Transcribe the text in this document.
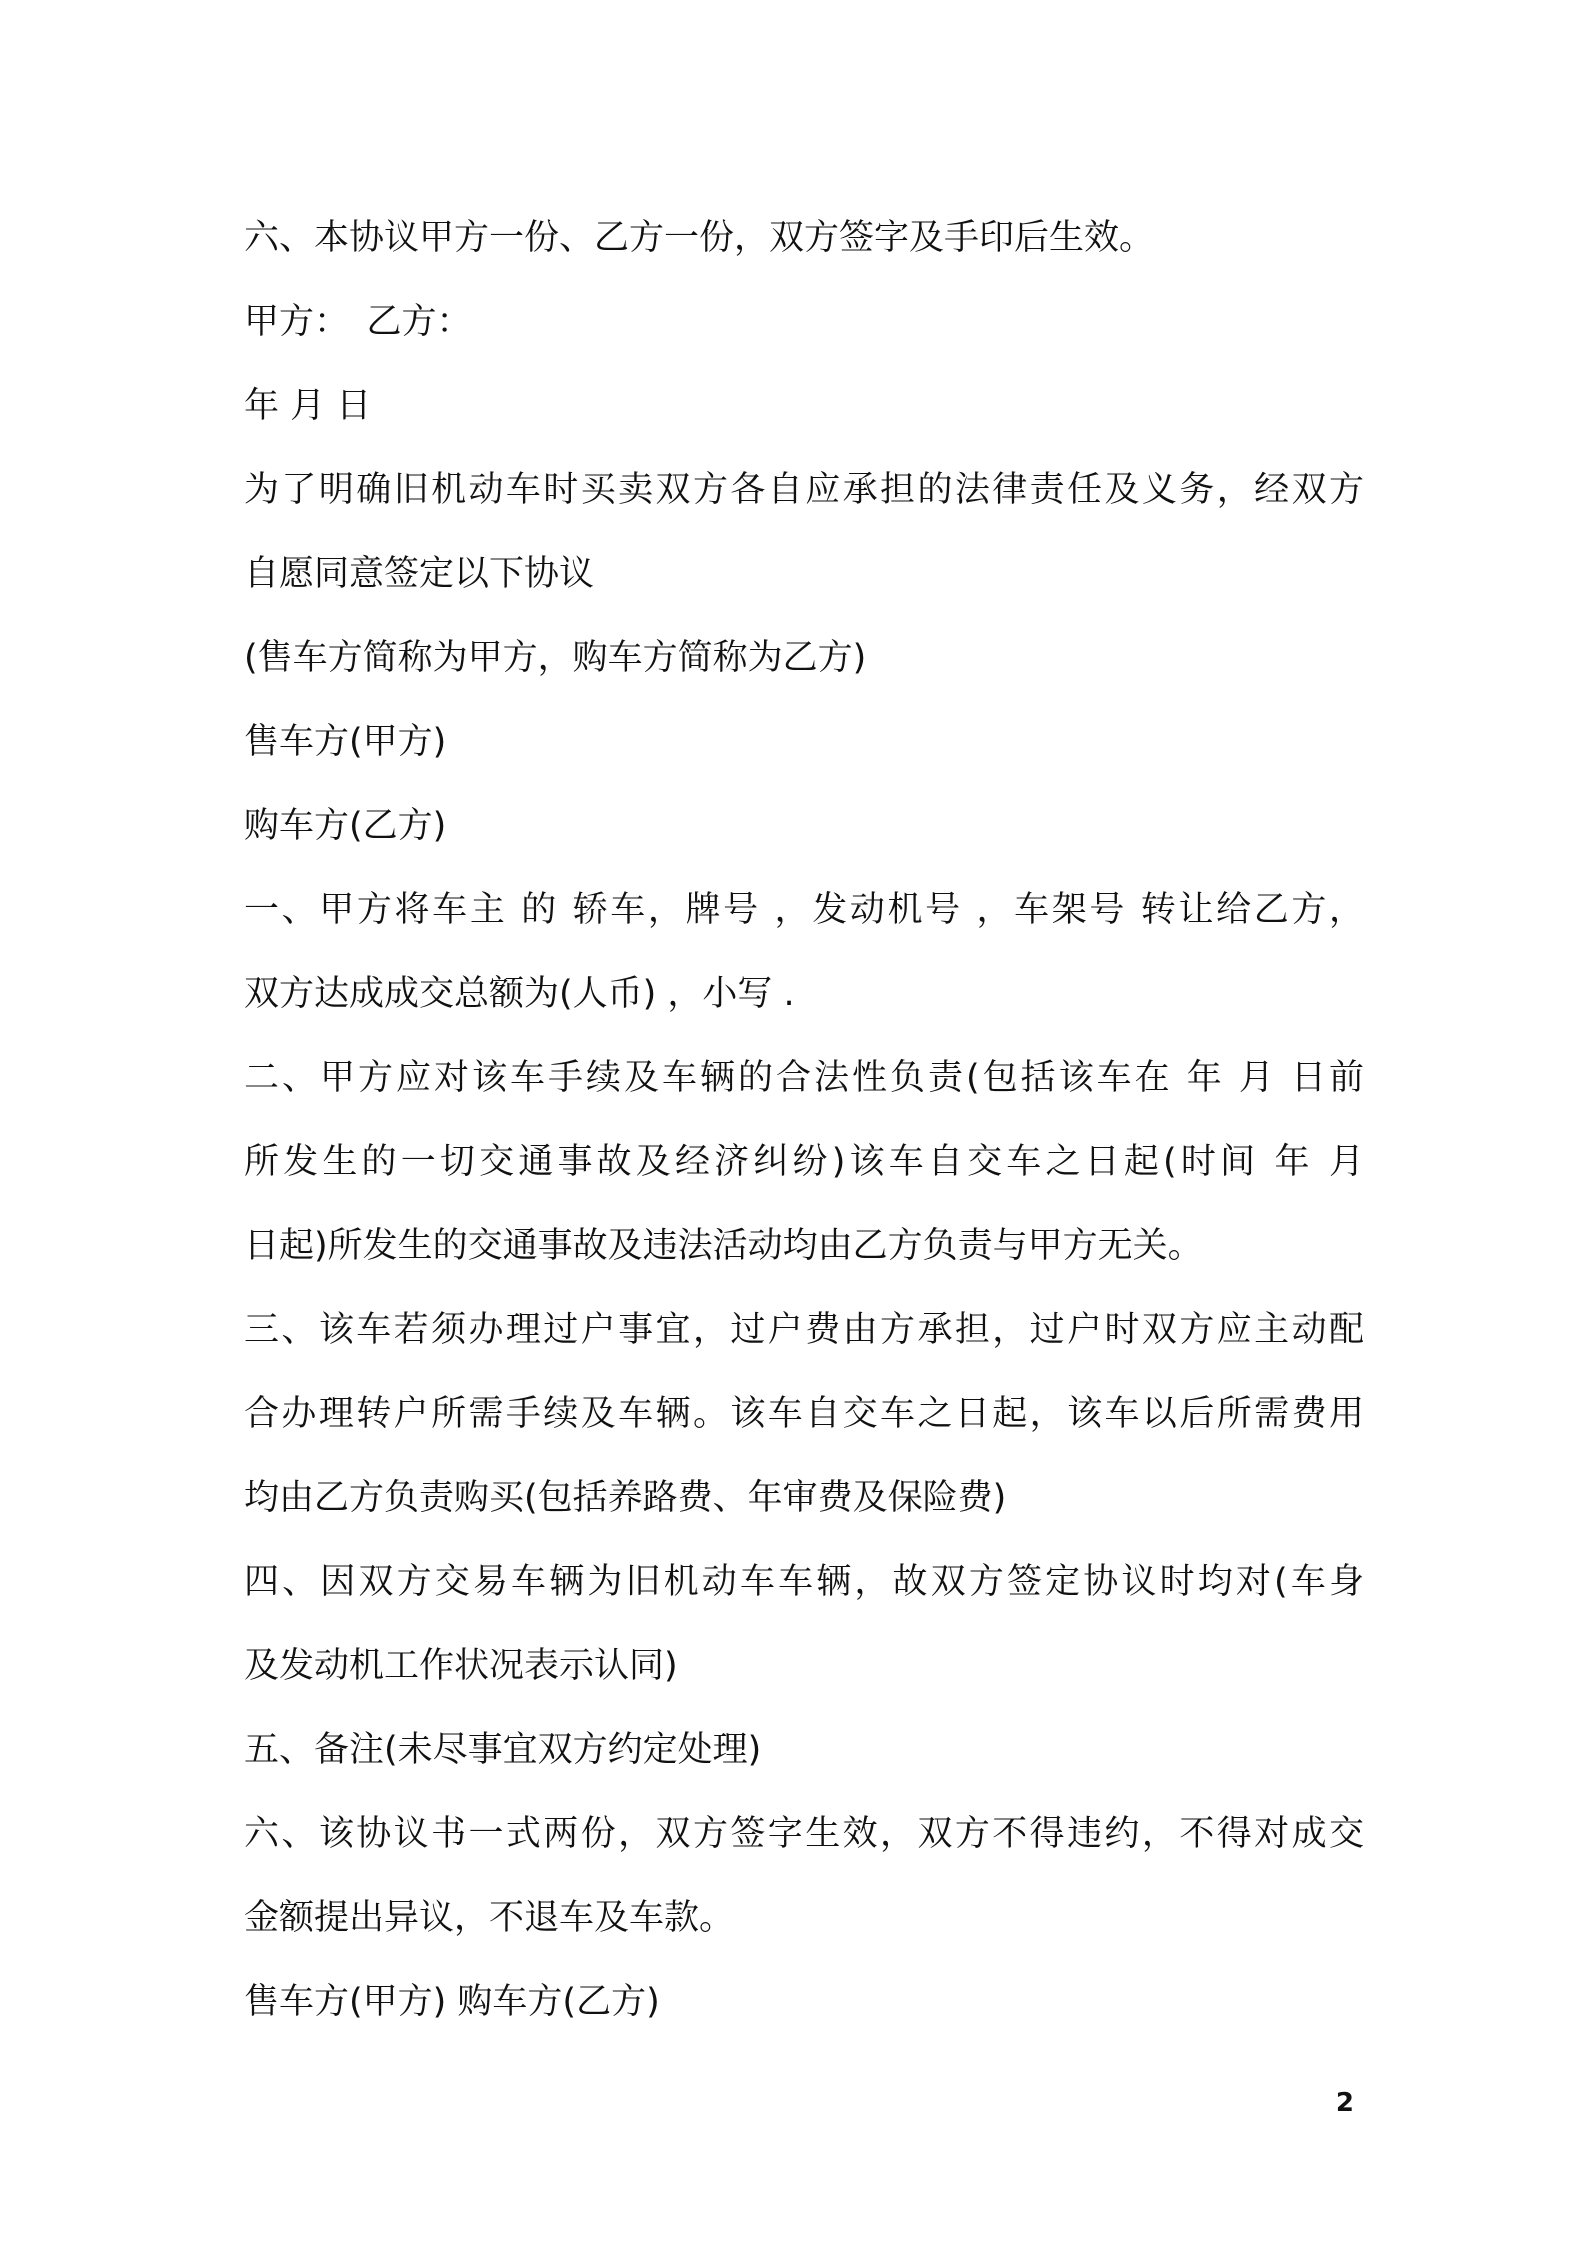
六、本协议甲方一份、乙方一份，双方签字及手印后生效。
甲方：　乙方：
年 月 日
为了明确旧机动车时买卖双方各自应承担的法律责任及义务，经双方
自愿同意签定以下协议
(售车方简称为甲方，购车方简称为乙方)
售车方(甲方)
购车方(乙方)
一、甲方将车主 的 轿车，牌号 ，发动机号 ，车架号 转让给乙方，
双方达成成交总额为(人币) ，小写 .
二、甲方应对该车手续及车辆的合法性负责(包括该车在 年 月 日前
所发生的一切交通事故及经济纠纷)该车自交车之日起(时间 年 月
日起)所发生的交通事故及违法活动均由乙方负责与甲方无关。
三、该车若须办理过户事宜，过户费由方承担，过户时双方应主动配
合办理转户所需手续及车辆。该车自交车之日起，该车以后所需费用
均由乙方负责购买(包括养路费、年审费及保险费)
四、因双方交易车辆为旧机动车车辆，故双方签定协议时均对(车身
及发动机工作状况表示认同)
五、备注(未尽事宜双方约定处理)
六、该协议书一式两份，双方签字生效，双方不得违约，不得对成交
金额提出异议，不退车及车款。
售车方(甲方) 购车方(乙方)
2
